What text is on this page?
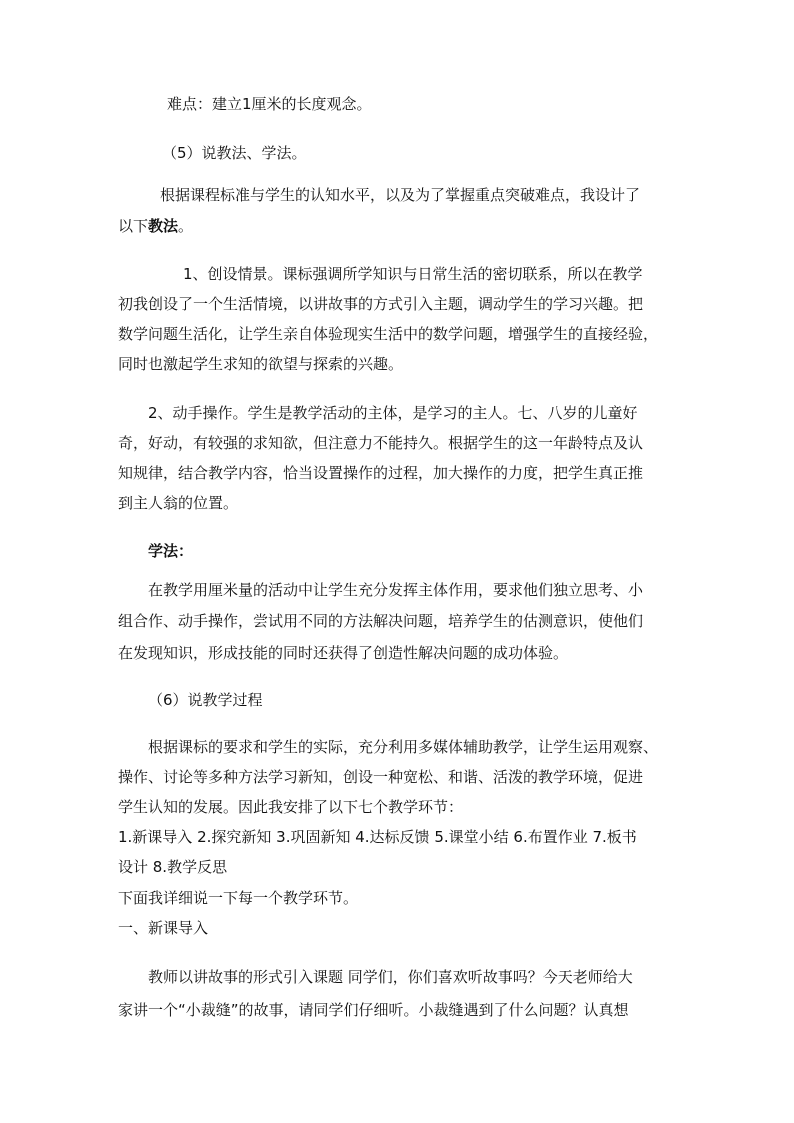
难点：建立1厘米的长度观念。
（5）说教法、学法。
根据课程标准与学生的认知水平，以及为了掌握重点突破难点，我设计了
以下教法。
1、创设情景。课标强调所学知识与日常生活的密切联系，所以在教学
初我创设了一个生活情境，以讲故事的方式引入主题，调动学生的学习兴趣。把
数学问题生活化，让学生亲自体验现实生活中的数学问题，增强学生的直接经验，
同时也激起学生求知的欲望与探索的兴趣。
2、动手操作。学生是教学活动的主体，是学习的主人。七、八岁的儿童好
奇，好动，有较强的求知欲，但注意力不能持久。根据学生的这一年龄特点及认
知规律，结合教学内容，恰当设置操作的过程，加大操作的力度，把学生真正推
到主人翁的位置。
学法：
在教学用厘米量的活动中让学生充分发挥主体作用，要求他们独立思考、小
组合作、动手操作，尝试用不同的方法解决问题，培养学生的估测意识，使他们
在发现知识，形成技能的同时还获得了创造性解决问题的成功体验。
（6）说教学过程
根据课标的要求和学生的实际，充分利用多媒体辅助教学，让学生运用观察、
操作、讨论等多种方法学习新知，创设一种宽松、和谐、活泼的教学环境，促进
学生认知的发展。因此我安排了以下七个教学环节：
1.新课导入 2.探究新知 3.巩固新知 4.达标反馈 5.课堂小结 6.布置作业 7.板书
设计 8.教学反思
下面我详细说一下每一个教学环节。
一、新课导入
教师以讲故事的形式引入课题 同学们，你们喜欢听故事吗？今天老师给大
家讲一个“小裁缝”的故事，请同学们仔细听。小裁缝遇到了什么问题？认真想
